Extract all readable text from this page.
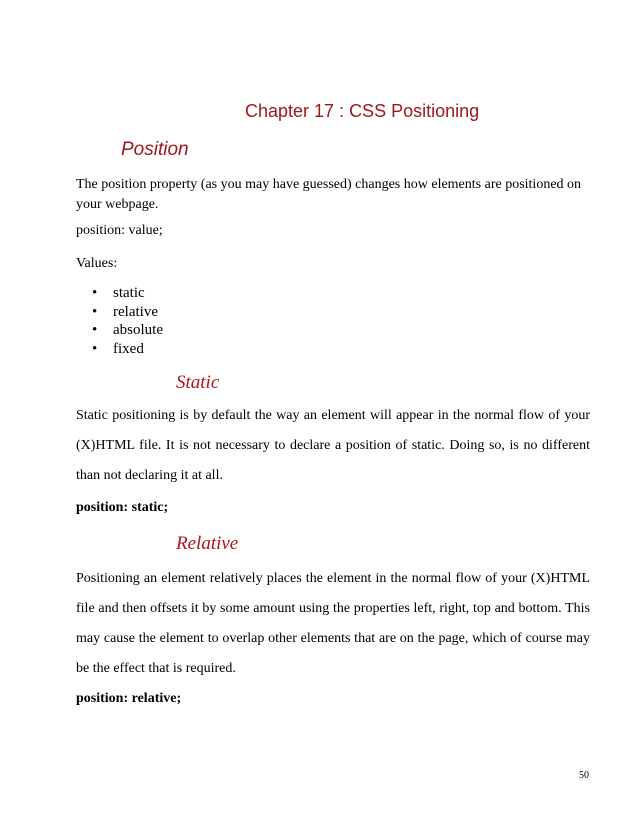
Chapter 17 : CSS Positioning
Position
The position property (as you may have guessed) changes how elements are positioned on your webpage.
position: value;
Values:
• static
• relative
• absolute
• fixed
Static
Static positioning is by default the way an element will appear in the normal flow of your (X)HTML file. It is not necessary to declare a position of static. Doing so, is no different than not declaring it at all.
position: static;
Relative
Positioning an element relatively places the element in the normal flow of your (X)HTML file and then offsets it by some amount using the properties left, right, top and bottom. This may cause the element to overlap other elements that are on the page, which of course may be the effect that is required.
position: relative;
50
